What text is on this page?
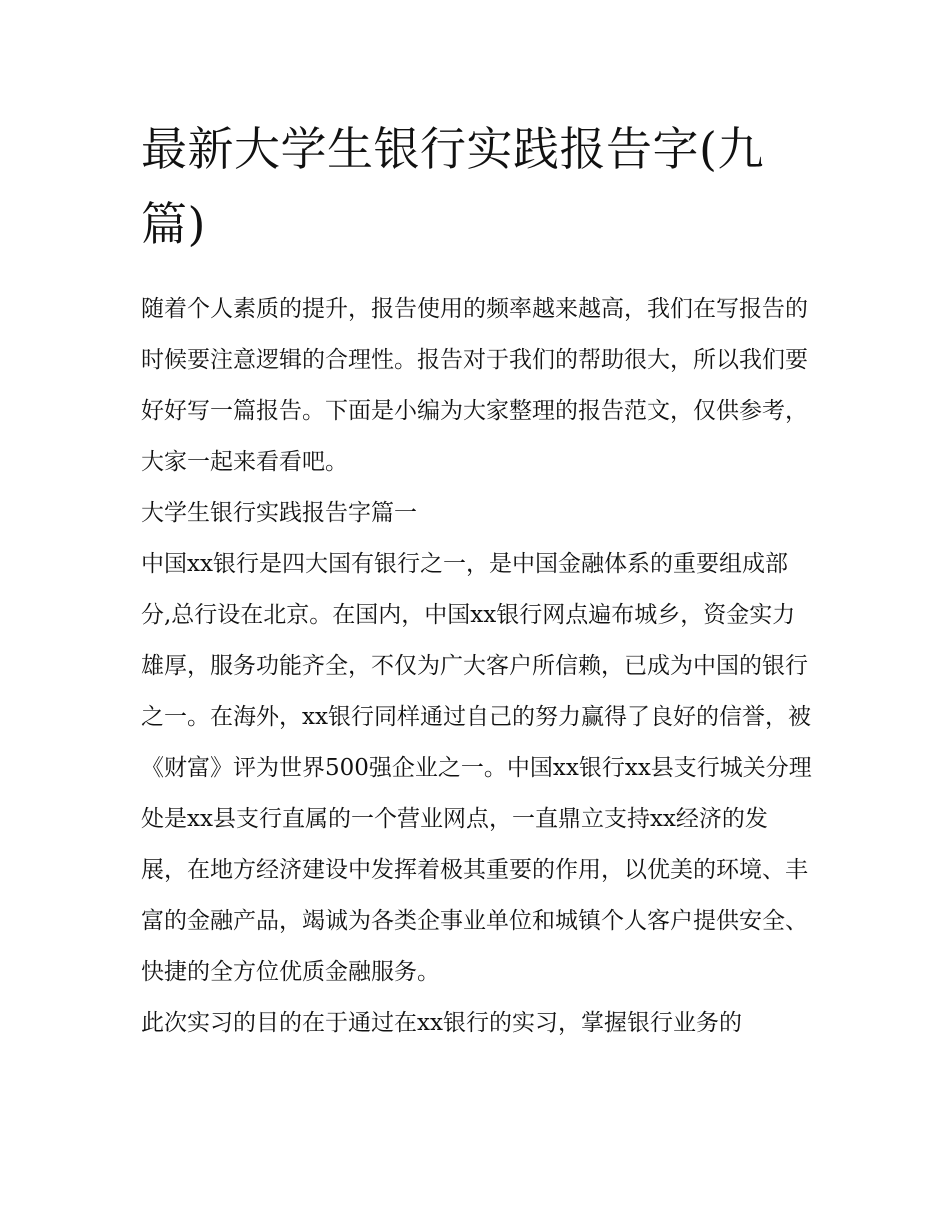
最新大学生银行实践报告字(九篇)

随着个人素质的提升，报告使用的频率越来越高，我们在写报告的时候要注意逻辑的合理性。报告对于我们的帮助很大，所以我们要好好写一篇报告。下面是小编为大家整理的报告范文，仅供参考，大家一起来看看吧。

大学生银行实践报告字篇一

中国xx银行是四大国有银行之一，是中国金融体系的重要组成部分,总行设在北京。在国内，中国xx银行网点遍布城乡，资金实力雄厚，服务功能齐全，不仅为广大客户所信赖，已成为中国的银行之一。在海外，xx银行同样通过自己的努力赢得了良好的信誉，被《财富》评为世界500强企业之一。中国xx银行xx县支行城关分理处是xx县支行直属的一个营业网点，一直鼎立支持xx经济的发展，在地方经济建设中发挥着极其重要的作用，以优美的环境、丰富的金融产品，竭诚为各类企事业单位和城镇个人客户提供安全、快捷的全方位优质金融服务。

此次实习的目的在于通过在xx银行的实习，掌握银行业务的
